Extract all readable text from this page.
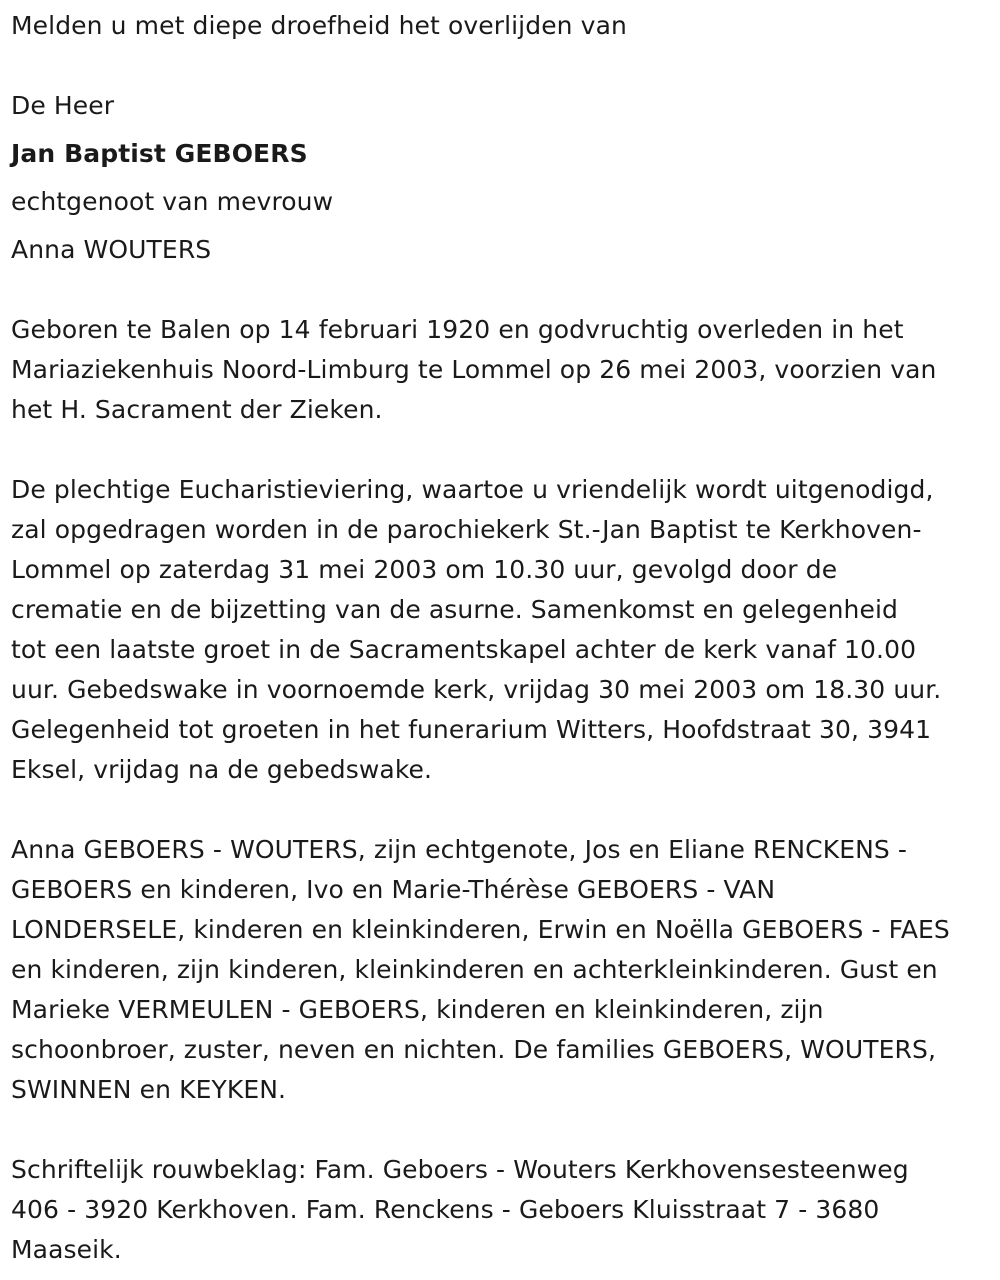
Melden u met diepe droefheid het overlijden van

De Heer

Jan Baptist GEBOERS

echtgenoot van mevrouw

Anna WOUTERS

Geboren te Balen op 14 februari 1920 en godvruchtig overleden in het
Mariaziekenhuis Noord-Limburg te Lommel op 26 mei 2003, voorzien van
het H. Sacrament der Zieken.

De plechtige Eucharistieviering, waartoe u vriendelijk wordt uitgenodigd,
zal opgedragen worden in de parochiekerk St.-Jan Baptist te Kerkhoven-
Lommel op zaterdag 31 mei 2003 om 10.30 uur, gevolgd door de
crematie en de bijzetting van de asurne. Samenkomst en gelegenheid
tot een laatste groet in de Sacramentskapel achter de kerk vanaf 10.00
uur. Gebedswake in voornoemde kerk, vrijdag 30 mei 2003 om 18.30 uur.
Gelegenheid tot groeten in het funerarium Witters, Hoofdstraat 30, 3941
Eksel, vrijdag na de gebedswake.

Anna GEBOERS - WOUTERS, zijn echtgenote, Jos en Eliane RENCKENS -
GEBOERS en kinderen, Ivo en Marie-Thérèse GEBOERS - VAN
LONDERSELE, kinderen en kleinkinderen, Erwin en Noëlla GEBOERS - FAES
en kinderen, zijn kinderen, kleinkinderen en achterkleinkinderen. Gust en
Marieke VERMEULEN - GEBOERS, kinderen en kleinkinderen, zijn
schoonbroer, zuster, neven en nichten. De families GEBOERS, WOUTERS,
SWINNEN en KEYKEN.

Schriftelijk rouwbeklag: Fam. Geboers - Wouters Kerkhovensesteenweg
406 - 3920 Kerkhoven. Fam. Renckens - Geboers Kluisstraat 7 - 3680
Maaseik.
